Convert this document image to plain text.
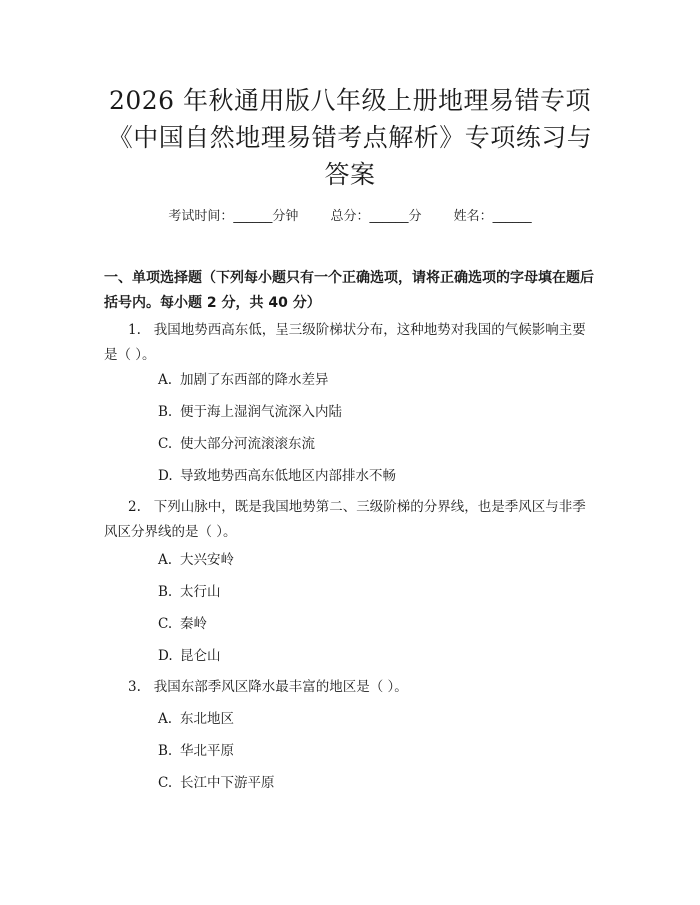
2026 年秋通用版八年级上册地理易错专项
《中国自然地理易错考点解析》专项练习与
答案
考试时间：______分钟 总分：______分 姓名：______
一、单项选择题（下列每小题只有一个正确选项，请将正确选项的字母填在题后
括号内。每小题 2 分，共 40 分）
1. 我国地势西高东低，呈三级阶梯状分布，这种地势对我国的气候影响主要
是（ ）。
A. 加剧了东西部的降水差异
B. 便于海上湿润气流深入内陆
C. 使大部分河流滚滚东流
D. 导致地势西高东低地区内部排水不畅
2. 下列山脉中，既是我国地势第二、三级阶梯的分界线，也是季风区与非季
风区分界线的是（ ）。
A. 大兴安岭
B. 太行山
C. 秦岭
D. 昆仑山
3. 我国东部季风区降水最丰富的地区是（ ）。
A. 东北地区
B. 华北平原
C. 长江中下游平原
